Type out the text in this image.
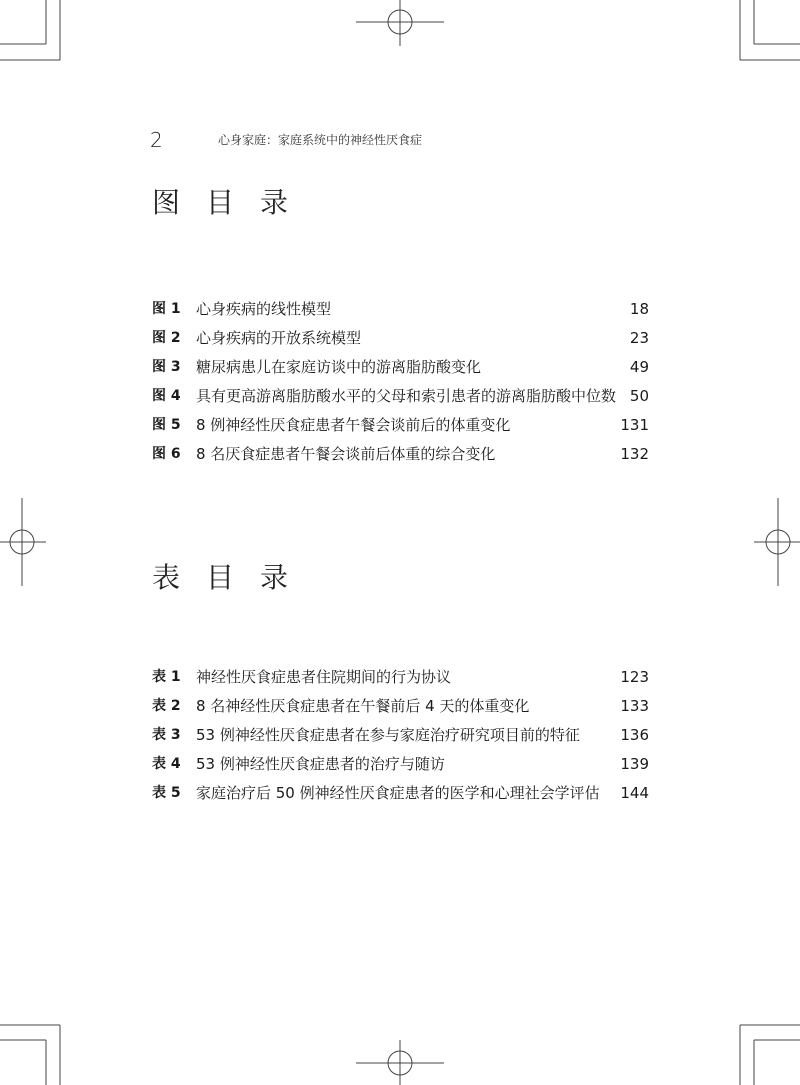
2	心身家庭：家庭系统中的神经性厌食症
图目录
图 1	心身疾病的线性模型	18
图 2	心身疾病的开放系统模型	23
图 3	糖尿病患儿在家庭访谈中的游离脂肪酸变化	49
图 4	具有更高游离脂肪酸水平的父母和索引患者的游离脂肪酸中位数 50
图 5	8 例神经性厌食症患者午餐会谈前后的体重变化	131
图 6	8 名厌食症患者午餐会谈前后体重的综合变化	132
表目录
表 1	神经性厌食症患者住院期间的行为协议	123
表 2	8 名神经性厌食症患者在午餐前后 4 天的体重变化	133
表 3	53 例神经性厌食症患者在参与家庭治疗研究项目前的特征	136
表 4	53 例神经性厌食症患者的治疗与随访	139
表 5	家庭治疗后 50 例神经性厌食症患者的医学和心理社会学评估	144
